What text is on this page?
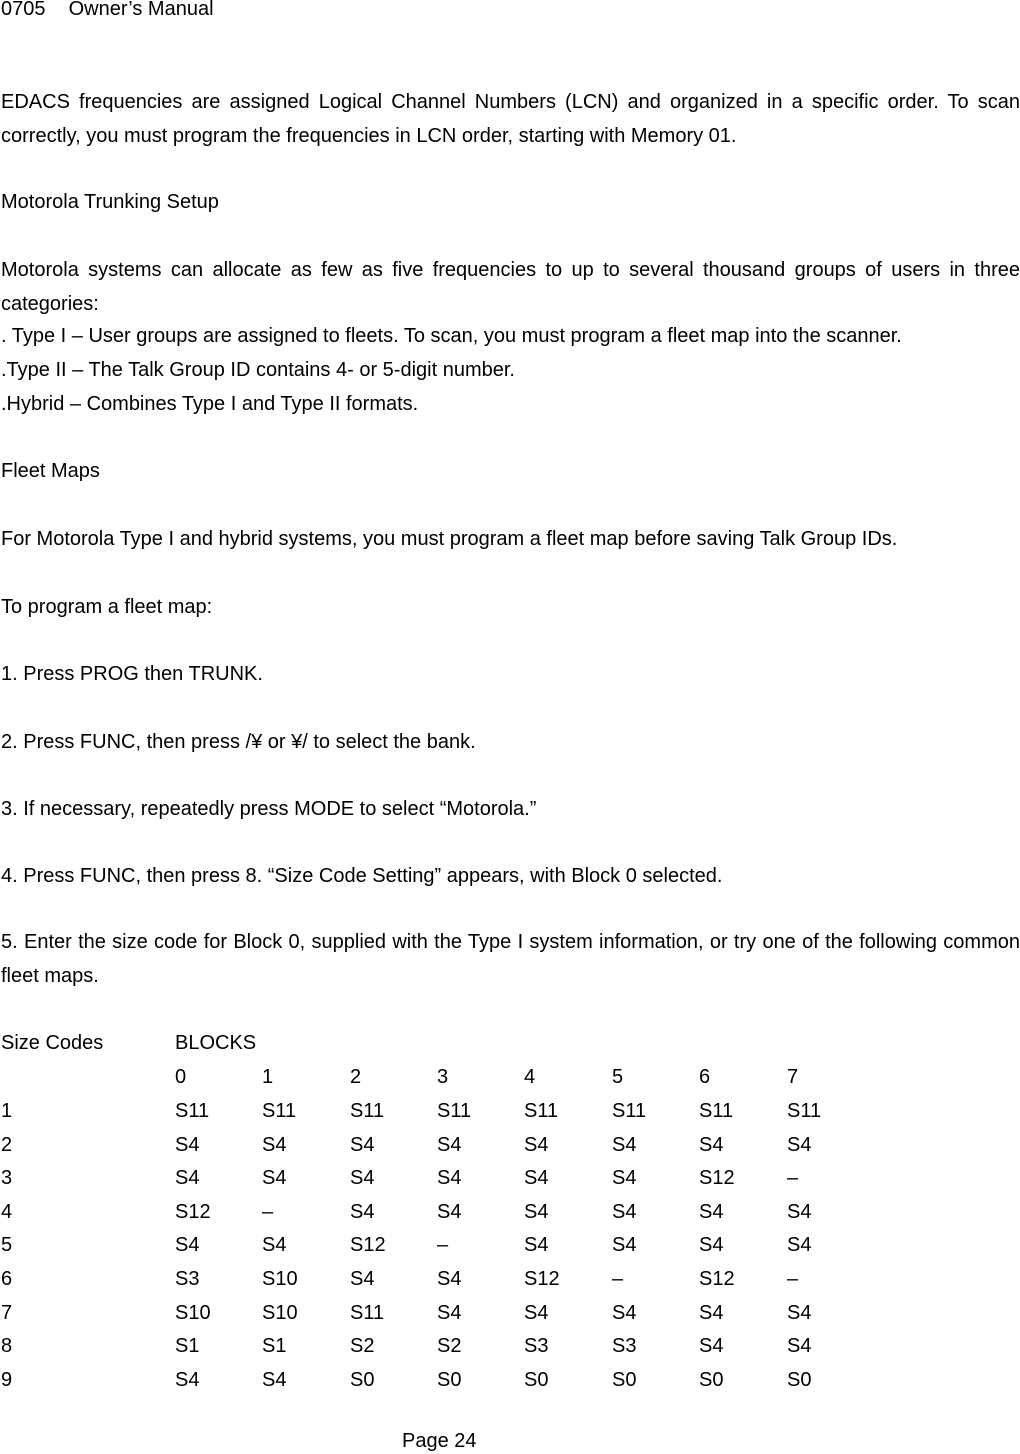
0705 Owner’s Manual
EDACS frequencies are assigned Logical Channel Numbers (LCN) and organized in a specific order. To scan correctly, you must program the frequencies in LCN order, starting with Memory 01.
Motorola Trunking Setup
Motorola systems can allocate as few as five frequencies to up to several thousand groups of users in three categories:
. Type I – User groups are assigned to fleets. To scan, you must program a fleet map into the scanner.
.Type II – The Talk Group ID contains 4- or 5-digit number.
.Hybrid – Combines Type I and Type II formats.
Fleet Maps
For Motorola Type I and hybrid systems, you must program a fleet map before saving Talk Group IDs.
To program a fleet map:
1. Press PROG then TRUNK.
2. Press FUNC, then press /¥ or ¥/ to select the bank.
3. If necessary, repeatedly press MODE to select “Motorola.”
4. Press FUNC, then press 8. “Size Code Setting” appears, with Block 0 selected.
5. Enter the size code for Block 0, supplied with the Type I system information, or try one of the following common fleet maps.
Size Codes	BLOCKS
0	1	2	3	4	5	6	7
1	S11	S11	S11	S11	S11	S11	S11	S11
2	S4	S4	S4	S4	S4	S4	S4	S4
3	S4	S4	S4	S4	S4	S4	S12	–
4	S12	–	S4	S4	S4	S4	S4	S4
5	S4	S4	S12	–	S4	S4	S4	S4
6	S3	S10	S4	S4	S12	–	S12	–
7	S10	S10	S11	S4	S4	S4	S4	S4
8	S1	S1	S2	S2	S3	S3	S4	S4
9	S4	S4	S0	S0	S0	S0	S0	S0
Page 24
